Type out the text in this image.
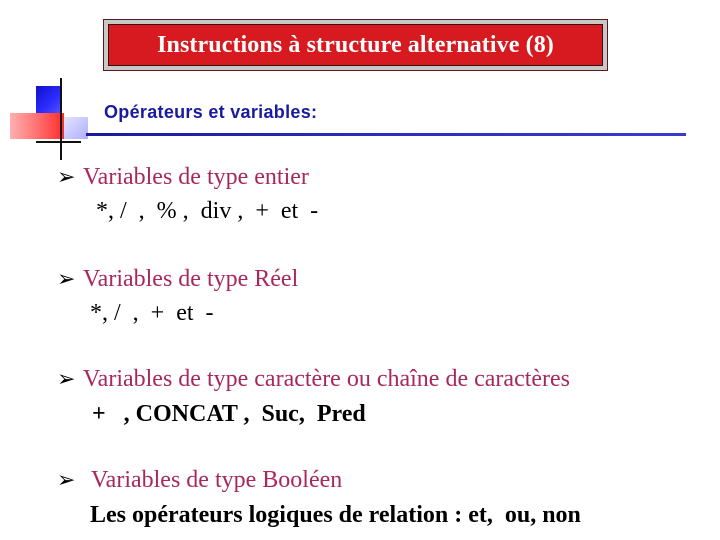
Instructions à structure alternative (8)
Opérateurs et variables:
➢ Variables de type entier
*, /  ,  % ,  div ,  +  et  -
➢ Variables de type Réel
*, /  ,  +  et  -
➢ Variables de type caractère ou chaîne de caractères
+   , CONCAT ,  Suc,  Pred
➢ Variables de type Booléen
Les opérateurs logiques de relation : et,  ou, non
